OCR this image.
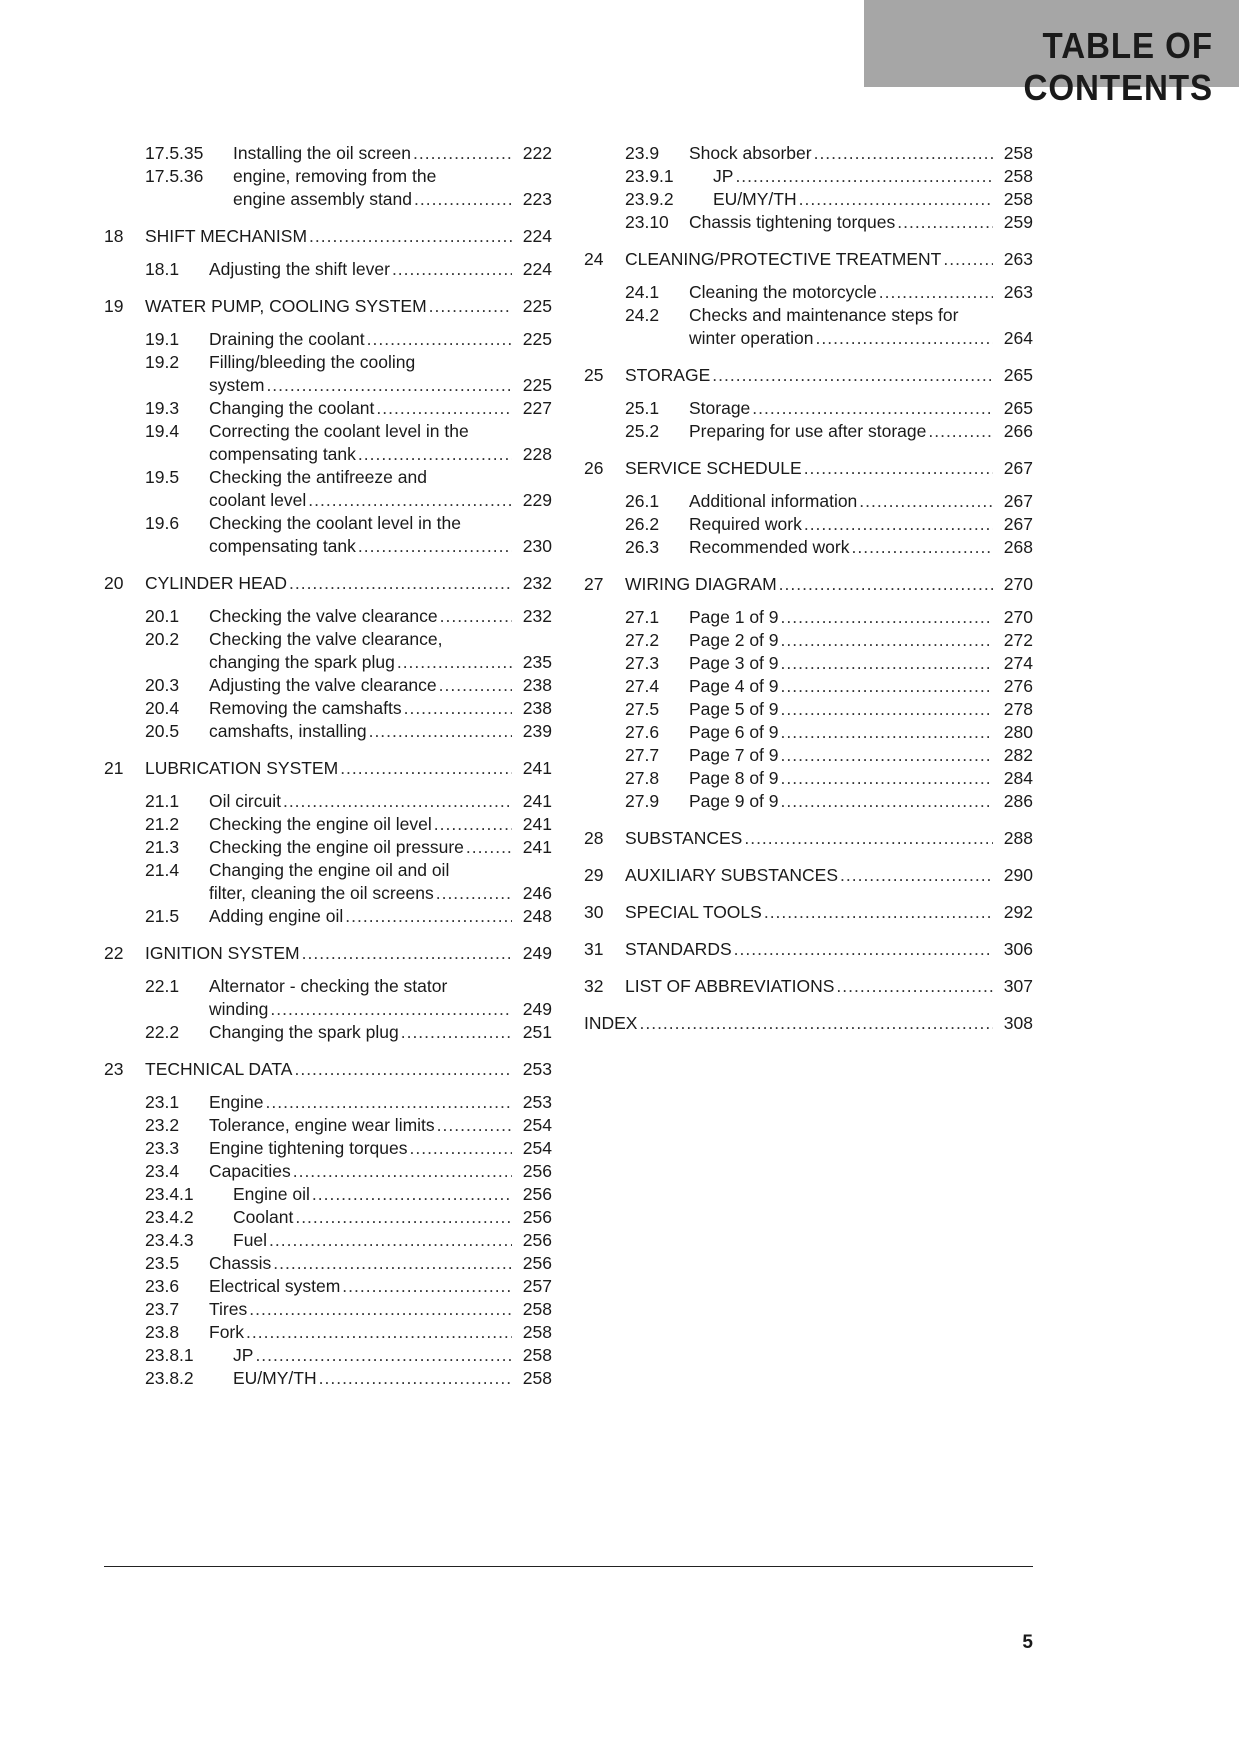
TABLE OF CONTENTS
17.5.35 Installing the oil screen .....	222
17.5.36 engine, removing from the
engine assembly stand .....	223
18 SHIFT MECHANISM .....	224
18.1 Adjusting the shift lever .....	224
19 WATER PUMP, COOLING SYSTEM .....	225
19.1 Draining the coolant .....	225
19.2 Filling/bleeding the cooling
system .....	225
19.3 Changing the coolant .....	227
19.4 Correcting the coolant level in the
compensating tank .....	228
19.5 Checking the antifreeze and
coolant level .....	229
19.6 Checking the coolant level in the
compensating tank .....	230
20 CYLINDER HEAD .....	232
20.1 Checking the valve clearance .....	232
20.2 Checking the valve clearance,
changing the spark plug .....	235
20.3 Adjusting the valve clearance .....	238
20.4 Removing the camshafts .....	238
20.5 camshafts, installing .....	239
21 LUBRICATION SYSTEM .....	241
21.1 Oil circuit .....	241
21.2 Checking the engine oil level .....	241
21.3 Checking the engine oil pressure .....	241
21.4 Changing the engine oil and oil
filter, cleaning the oil screens .....	246
21.5 Adding engine oil .....	248
22 IGNITION SYSTEM .....	249
22.1 Alternator - checking the stator
winding .....	249
22.2 Changing the spark plug .....	251
23 TECHNICAL DATA .....	253
23.1 Engine .....	253
23.2 Tolerance, engine wear limits .....	254
23.3 Engine tightening torques .....	254
23.4 Capacities .....	256
23.4.1 Engine oil .....	256
23.4.2 Coolant .....	256
23.4.3 Fuel .....	256
23.5 Chassis .....	256
23.6 Electrical system .....	257
23.7 Tires .....	258
23.8 Fork .....	258
23.8.1 JP .....	258
23.8.2 EU/MY/TH .....	258
23.9 Shock absorber .....	258
23.9.1 JP .....	258
23.9.2 EU/MY/TH .....	258
23.10 Chassis tightening torques .....	259
24 CLEANING/PROTECTIVE TREATMENT .....	263
24.1 Cleaning the motorcycle .....	263
24.2 Checks and maintenance steps for
winter operation .....	264
25 STORAGE .....	265
25.1 Storage .....	265
25.2 Preparing for use after storage .....	266
26 SERVICE SCHEDULE .....	267
26.1 Additional information .....	267
26.2 Required work .....	267
26.3 Recommended work .....	268
27 WIRING DIAGRAM .....	270
27.1 Page 1 of 9 .....	270
27.2 Page 2 of 9 .....	272
27.3 Page 3 of 9 .....	274
27.4 Page 4 of 9 .....	276
27.5 Page 5 of 9 .....	278
27.6 Page 6 of 9 .....	280
27.7 Page 7 of 9 .....	282
27.8 Page 8 of 9 .....	284
27.9 Page 9 of 9 .....	286
28 SUBSTANCES .....	288
29 AUXILIARY SUBSTANCES .....	290
30 SPECIAL TOOLS .....	292
31 STANDARDS .....	306
32 LIST OF ABBREVIATIONS .....	307
INDEX .....	308
5
